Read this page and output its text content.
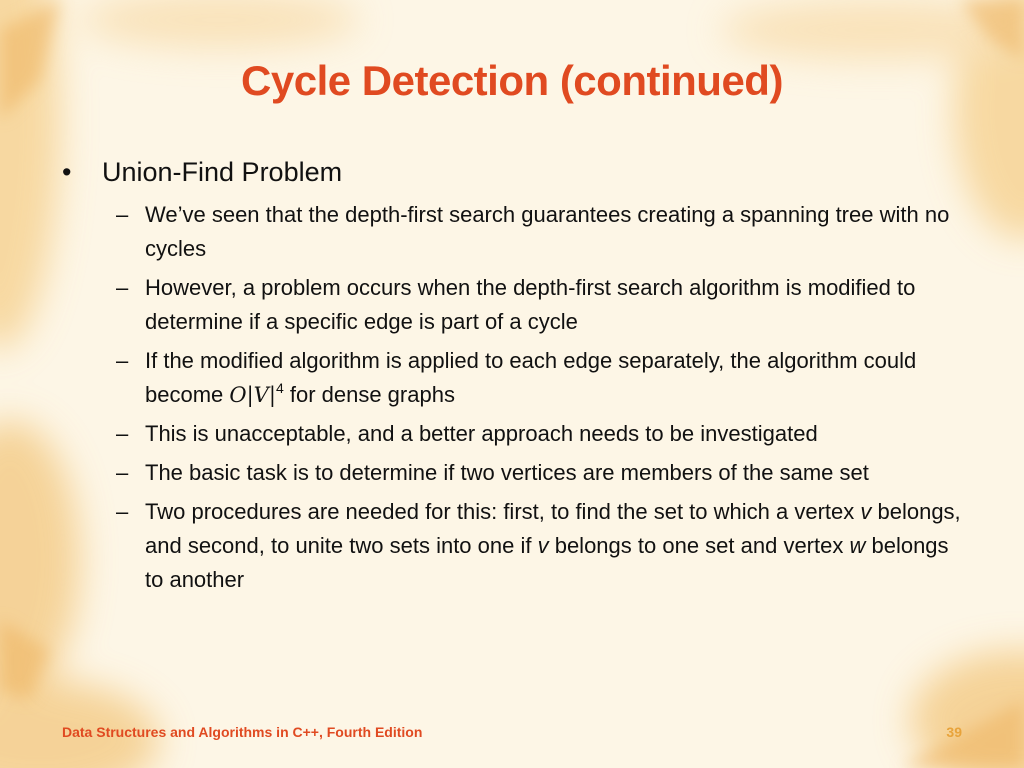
Cycle Detection (continued)
• Union-Find Problem
– We’ve seen that the depth-first search guarantees creating a spanning tree with no cycles
– However, a problem occurs when the depth-first search algorithm is modified to determine if a specific edge is part of a cycle
– If the modified algorithm is applied to each edge separately, the algorithm could become $O|V|^4$ for dense graphs
– This is unacceptable, and a better approach needs to be investigated
– The basic task is to determine if two vertices are members of the same set
– Two procedures are needed for this: first, to find the set to which a vertex v belongs, and second, to unite two sets into one if v belongs to one set and vertex w belongs to another
Data Structures and Algorithms in C++, Fourth Edition	39
